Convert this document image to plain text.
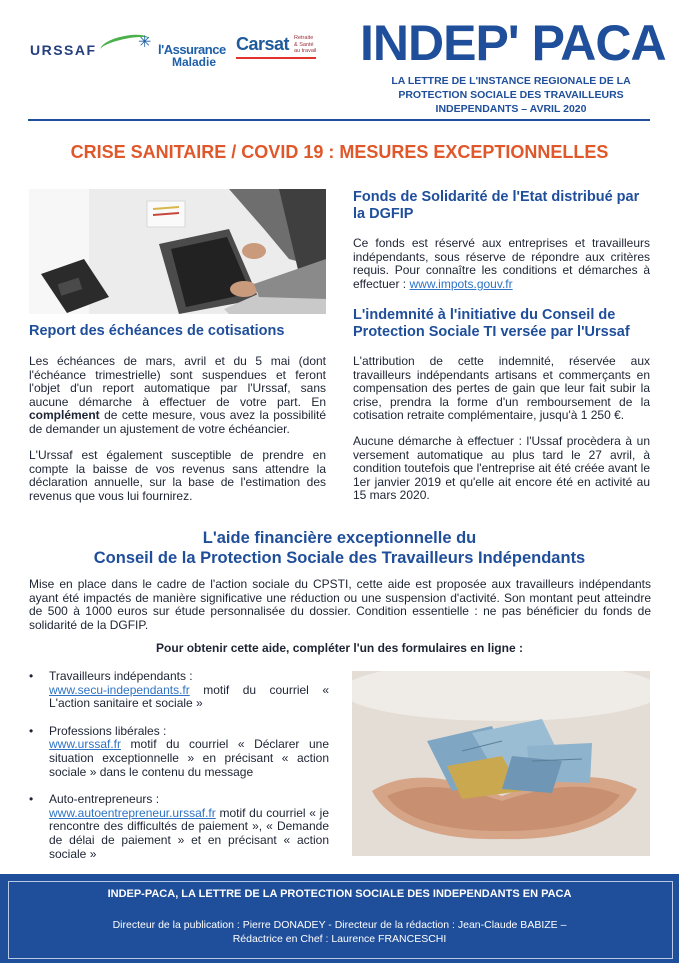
URSSAF	✳ l'Assurance
Maladie
Carsat Retraite & Santé au travail INDEP' PACA
LA LETTRE DE L'INSTANCE REGIONALE DE LA PROTECTION SOCIALE DES TRAVAILLEURS INDEPENDANTS – AVRIL 2020
CRISE SANITAIRE / COVID 19 : MESURES EXCEPTIONNELLES
Report des échéances de cotisations

Les échéances de mars, avril et du 5 mai (dont l'échéance trimestrielle) sont suspendues et feront l'objet d'un report automatique par l'Urssaf, sans aucune démarche à effectuer de votre part. En complément de cette mesure, vous avez la possibilité de demander un ajustement de votre échéancier.

L'Urssaf est également susceptible de prendre en compte la baisse de vos revenus sans attendre la déclaration annuelle, sur la base de l'estimation des revenus que vous lui fournirez.

Fonds de Solidarité de l'Etat distribué par la DGFIP

Ce fonds est réservé aux entreprises et travailleurs indépendants, sous réserve de répondre aux critères requis. Pour connaître les conditions et démarches à effectuer : www.impots.gouv.fr

L'indemnité à l'initiative du Conseil de Protection Sociale TI versée par l'Urssaf

L'attribution de cette indemnité, réservée aux travailleurs indépendants artisans et commerçants en compensation des pertes de gain que leur fait subir la crise, prendra la forme d'un remboursement de la cotisation retraite complémentaire, jusqu'à 1 250 €.

Aucune démarche à effectuer : l'Ussaf procèdera à un versement automatique au plus tard le 27 avril, à condition toutefois que l'entreprise ait été créée avant le 1er janvier 2019 et qu'elle ait encore été en activité au 15 mars 2020.

L'aide financière exceptionnelle du
Conseil de la Protection Sociale des Travailleurs Indépendants

Mise en place dans le cadre de l'action sociale du CPSTI, cette aide est proposée aux travailleurs indépendants ayant été impactés de manière significative une réduction ou une suspension d'activité. Son montant peut atteindre de 500 à 1000 euros sur étude personnalisée du dossier. Condition essentielle : ne pas bénéficier du fonds de solidarité de la DGFIP.

Pour obtenir cette aide, compléter l'un des formulaires en ligne :
• Travailleurs indépendants :
www.secu-independants.fr motif du courriel « L'action sanitaire et sociale »
• Professions libérales :
www.urssaf.fr motif du courriel « Déclarer une situation exceptionnelle » en précisant « action sociale » dans le contenu du message
• Auto-entrepreneurs :
www.autoentrepreneur.urssaf.fr motif du courriel « je rencontre des difficultés de paiement », « Demande de délai de paiement » et en précisant « action sociale »
INDEP-PACA, LA LETTRE DE LA PROTECTION SOCIALE DES INDEPENDANTS EN PACA
Directeur de la publication : Pierre DONADEY - Directeur de la rédaction : Jean-Claude BABIZE –
Rédactrice en Chef : Laurence FRANCESCHI
